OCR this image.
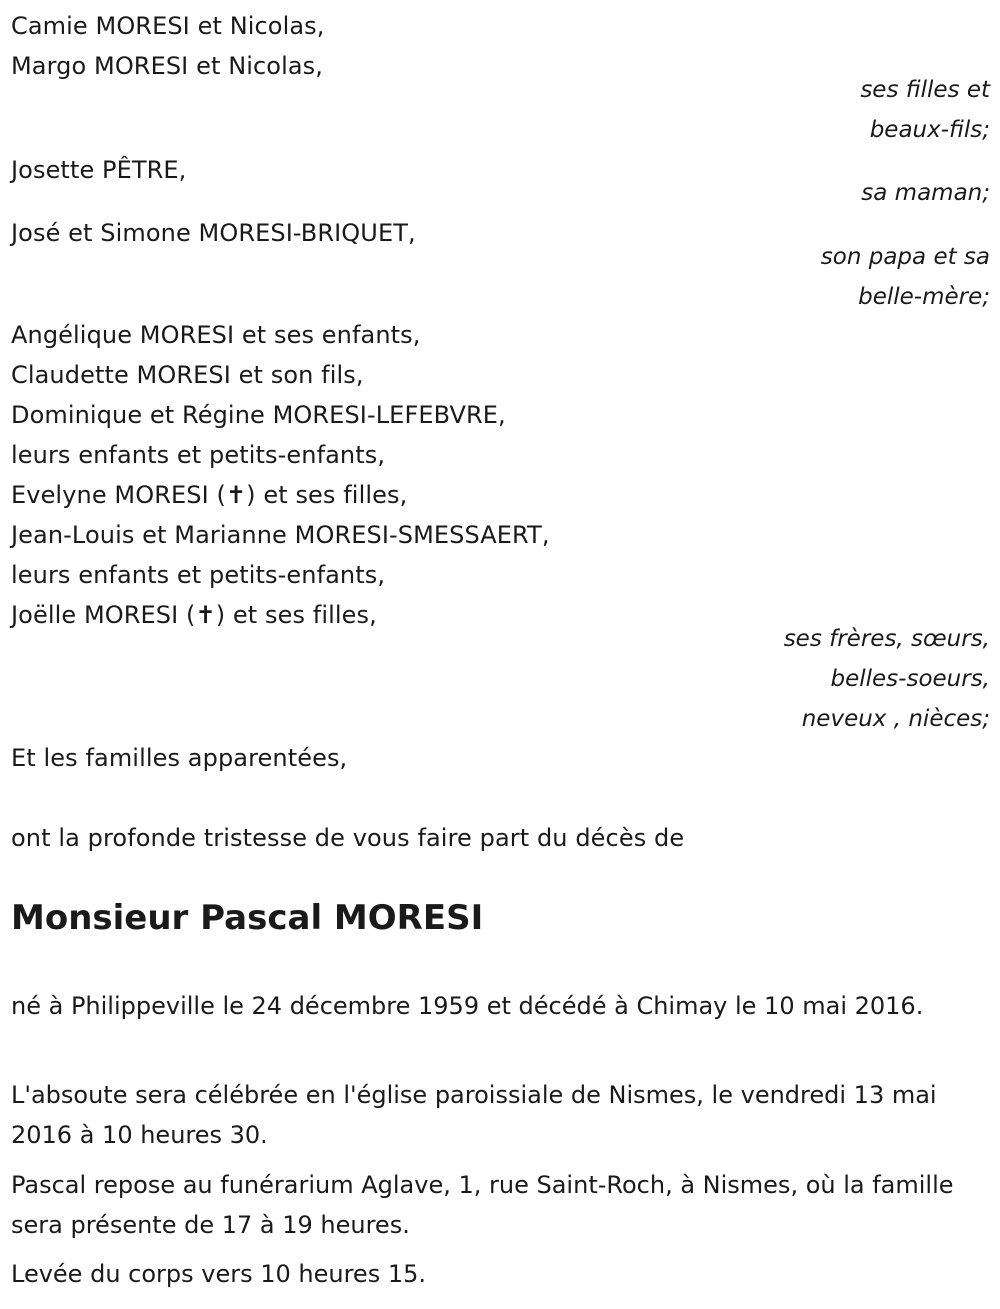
Camie MORESI et Nicolas,
Margo MORESI et Nicolas,
ses filles et
beaux-fils;
Josette PÊTRE,
sa maman;
José et Simone MORESI-BRIQUET,
son papa et sa
belle-mère;
Angélique MORESI et ses enfants,
Claudette MORESI et son fils,
Dominique et Régine MORESI-LEFEBVRE,
leurs enfants et petits-enfants,
Evelyne MORESI (✝) et ses filles,
Jean-Louis et Marianne MORESI-SMESSAERT,
leurs enfants et petits-enfants,
Joëlle MORESI (✝) et ses filles,
ses frères, sœurs,
belles-soeurs,
neveux , nièces;
Et les familles apparentées,
ont la profonde tristesse de vous faire part du décès de
Monsieur Pascal MORESI
né à Philippeville le 24 décembre 1959 et décédé à Chimay le 10 mai 2016.
L'absoute sera célébrée en l'église paroissiale de Nismes, le vendredi 13 mai 2016 à 10 heures 30.
Pascal repose au funérarium Aglave, 1, rue Saint-Roch, à Nismes, où la famille sera présente de 17 à 19 heures.
Levée du corps vers 10 heures 15.
